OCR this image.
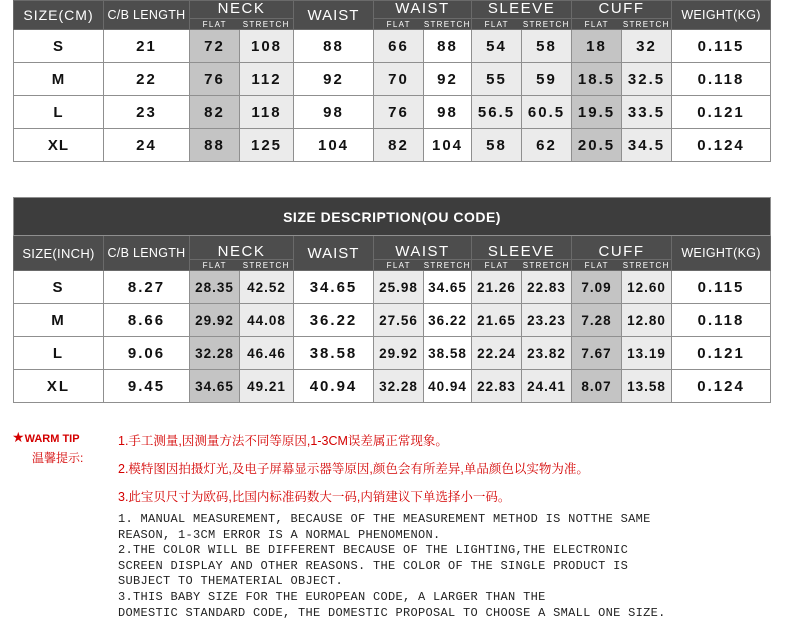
SIZE(CM)	C/B LENGTH	NECK		WAIST	WAIST		SLEEVE		CUFF		WEIGHT(KG)

		FLAT	STRETCH		FLAT	STRETCH	FLAT	STRETCH	FLAT	STRETCH	

S	21	72	108	88	66	88	54	58	18	32	0.115
M	22	76	112	92	70	92	55	59	18.5	32.5	0.118
L	23	82	118	98	76	98	56.5	60.5	19.5	33.5	0.121
XL	24	88	125	104	82	104	58	62	20.5	34.5	0.124
SIZE DESCRIPTION(OU CODE)											
SIZE(INCH)	C/B LENGTH	NECK		WAIST	WAIST		SLEEVE		CUFF		WEIGHT(KG)

		FLAT	STRETCH		FLAT	STRETCH	FLAT	STRETCH	FLAT	STRETCH	

S	8.27	28.35	42.52	34.65	25.98	34.65	21.26	22.83	7.09	12.60	0.115
M	8.66	29.92	44.08	36.22	27.56	36.22	21.65	23.23	7.28	12.80	0.118
L	9.06	32.28	46.46	38.58	29.92	38.58	22.24	23.82	7.67	13.19	0.121
XL	9.45	34.65	49.21	40.94	32.28	40.94	22.83	24.41	8.07	13.58	0.124
★WARM TIP
温馨提示:
1.手工测量,因测量方法不同等原因,1-3CM误差属正常现象。
2.模特图因拍摄灯光,及电子屏幕显示器等原因,颜色会有所差异,单品颜色以实物为准。
3.此宝贝尺寸为欧码,比国内标准码数大一码,内销建议下单选择小一码。

1. MANUAL MEASUREMENT, BECAUSE OF THE MEASUREMENT METHOD IS NOTTHE SAME

REASON, 1-3CM ERROR IS A NORMAL PHENOMENON.

2.THE COLOR WILL BE DIFFERENT BECAUSE OF THE LIGHTING,THE ELECTRONIC

SCREEN DISPLAY AND OTHER REASONS. THE COLOR OF THE SINGLE PRODUCT IS

SUBJECT TO THEMATERIAL OBJECT.

3.THIS BABY SIZE FOR THE EUROPEAN CODE, A LARGER THAN THE

DOMESTIC STANDARD CODE, THE DOMESTIC PROPOSAL TO CHOOSE A SMALL ONE SIZE.
